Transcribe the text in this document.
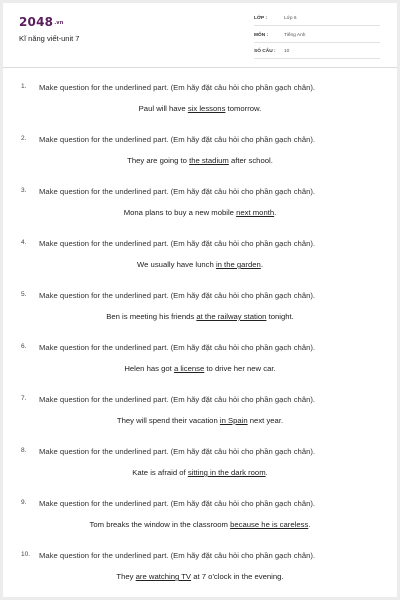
2048.vn
Kĩ năng viết-unit 7
LỚP :	Lớp 6
MÔN :	Tiếng Anh
SỐ CÂU : 10
1. Make question for the underlined part. (Em hãy đặt câu hỏi cho phần gạch chân).
Paul will have six lessons tomorrow.
2. Make question for the underlined part. (Em hãy đặt câu hỏi cho phần gạch chân).
They are going to the stadium after school.
3. Make question for the underlined part. (Em hãy đặt câu hỏi cho phần gạch chân).
Mona plans to buy a new mobile next month.
4. Make question for the underlined part. (Em hãy đặt câu hỏi cho phần gạch chân).
We usually have lunch in the garden.
5. Make question for the underlined part. (Em hãy đặt câu hỏi cho phần gạch chân).
Ben is meeting his friends at the railway station tonight.
6. Make question for the underlined part. (Em hãy đặt câu hỏi cho phần gạch chân).
Helen has got a license to drive her new car.
7. Make question for the underlined part. (Em hãy đặt câu hỏi cho phần gạch chân).
They will spend their vacation in Spain next year.
8. Make question for the underlined part. (Em hãy đặt câu hỏi cho phần gạch chân).
Kate is afraid of sitting in the dark room.
9. Make question for the underlined part. (Em hãy đặt câu hỏi cho phần gạch chân).
Tom breaks the window in the classroom because he is careless.
10. Make question for the underlined part. (Em hãy đặt câu hỏi cho phần gạch chân).
They are watching TV at 7 o'clock in the evening.
